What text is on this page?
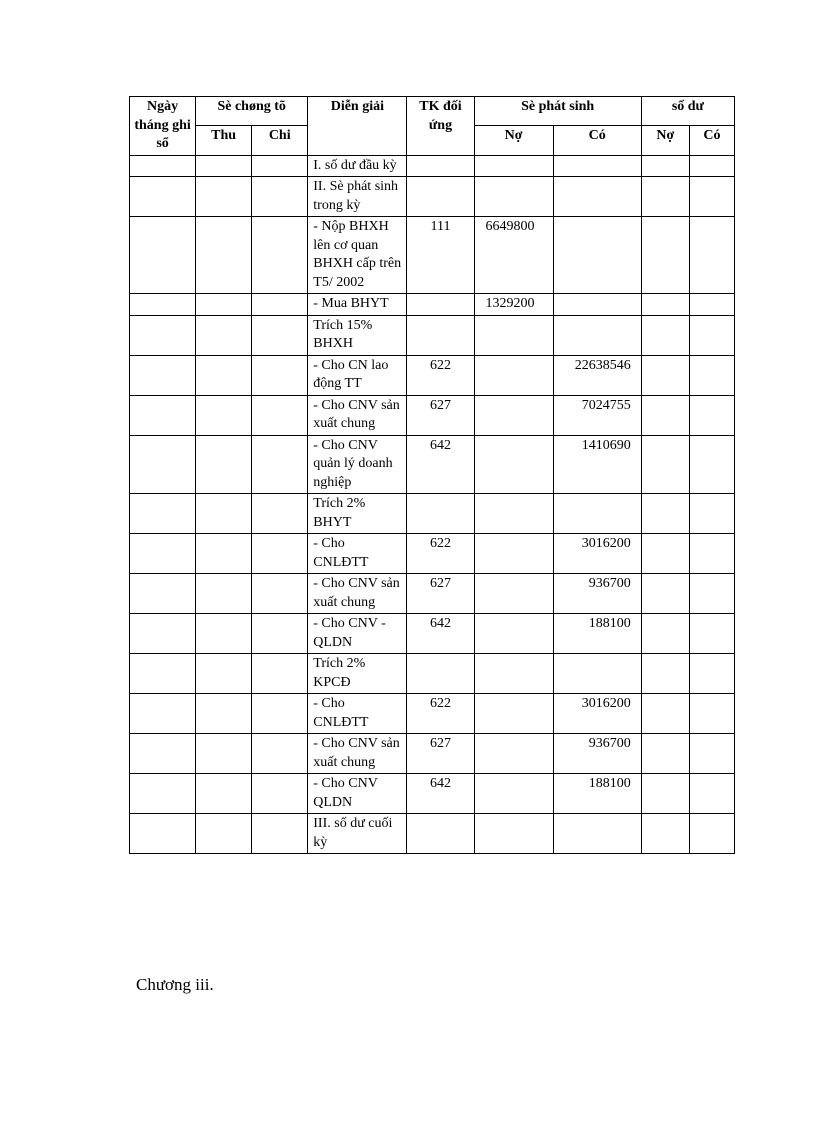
Ngày tháng ghi sổ	Sè chøng tõ		Diễn giải	TK đối ứng	Sè phát sinh		số dư	
	Thu	Chi			Nợ	Có	Nợ	Có
			I. số dư đầu kỳ					
			II. Sè phát sinh trong kỳ					
			- Nộp BHXH lên cơ quan BHXH cấp trên T5/ 2002	111	6649800			
			- Mua BHYT		1329200			
			Trích 15% BHXH					
			- Cho CN lao động TT	622		22638546		
			- Cho CNV sản xuất chung	627		7024755		
			- Cho CNV quản lý doanh nghiệp	642		1410690		
			Trích 2% BHYT					
			- Cho CNLĐTT	622		3016200		
			- Cho CNV sản xuất chung	627		936700		
			- Cho CNV - QLDN	642		188100		
			Trích 2% KPCĐ					
			- Cho CNLĐTT	622		3016200		
			- Cho CNV sản xuất chung	627		936700		
			- Cho CNV QLDN	642		188100		
			III. số dư cuối kỳ					
Chương iii.
